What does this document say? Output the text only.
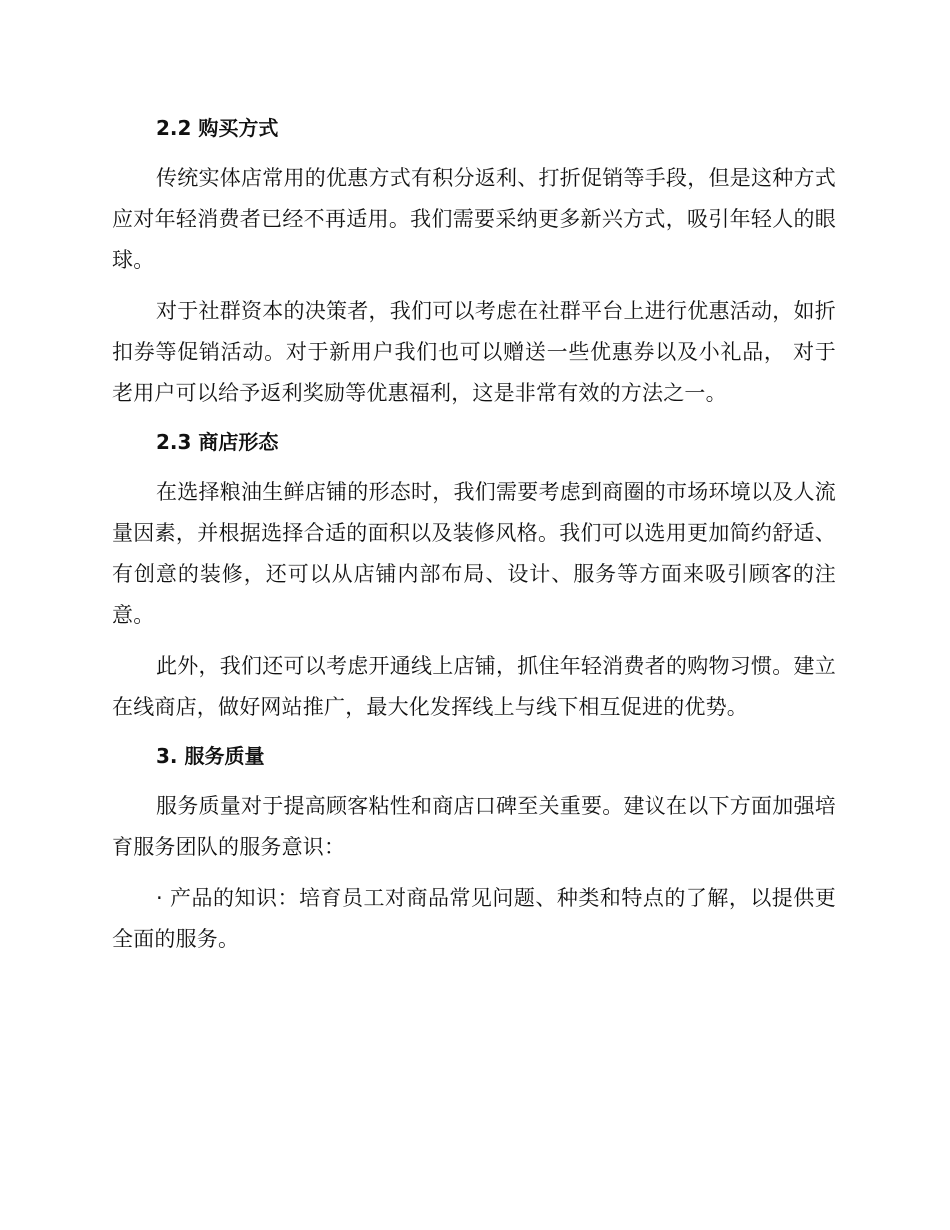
2.2 购买方式

传统实体店常用的优惠方式有积分返利、打折促销等手段，但是这种方式应对年轻消费者已经不再适用。我们需要采纳更多新兴方式，吸引年轻人的眼球。

对于社群资本的决策者，我们可以考虑在社群平台上进行优惠活动，如折扣券等促销活动。对于新用户我们也可以赠送一些优惠券以及小礼品， 对于老用户可以给予返利奖励等优惠福利，这是非常有效的方法之一。

2.3 商店形态

在选择粮油生鲜店铺的形态时，我们需要考虑到商圈的市场环境以及人流量因素，并根据选择合适的面积以及装修风格。我们可以选用更加简约舒适、有创意的装修，还可以从店铺内部布局、设计、服务等方面来吸引顾客的注意。

此外，我们还可以考虑开通线上店铺，抓住年轻消费者的购物习惯。建立在线商店，做好网站推广，最大化发挥线上与线下相互促进的优势。

3. 服务质量

服务质量对于提高顾客粘性和商店口碑至关重要。建议在以下方面加强培育服务团队的服务意识：

· 产品的知识：培育员工对商品常见问题、种类和特点的了解，以提供更全面的服务。
